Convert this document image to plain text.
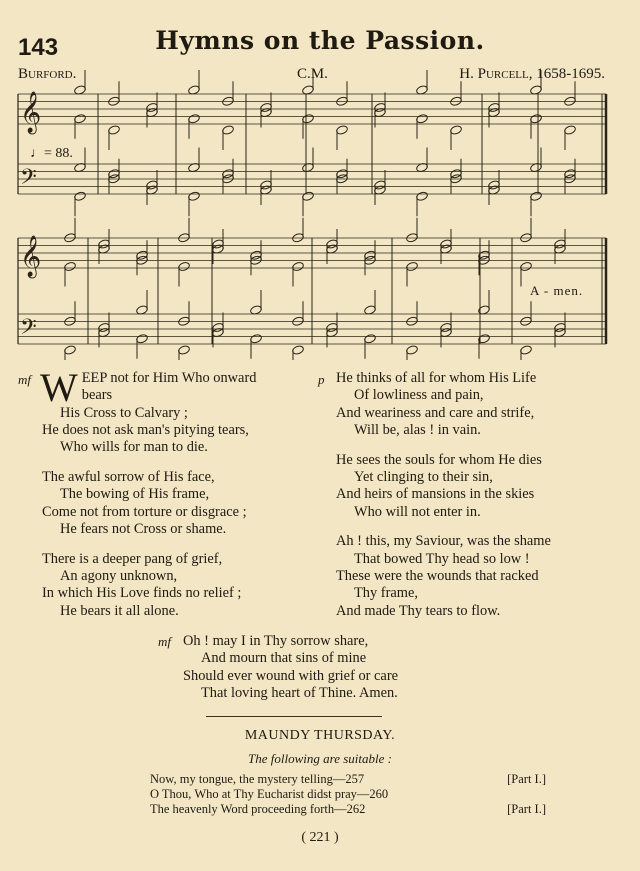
143	Hymns on the Passion.
Burford.	C.M.	H. Purcell, 1658-1695.
𝄞
𝄢
𝄞
𝄢
♩= 88.
A - men.

WEEP not for Him Who onward

bears

His Cross to Calvary ;

He does not ask man's pitying tears,

Who wills for man to die.

The awful sorrow of His face,

The bowing of His frame,

Come not from torture or disgrace ;

He fears not Cross or shame.

There is a deeper pang of grief,

An agony unknown,

In which His Love finds no relief ;

He bears it all alone.

He thinks of all for whom His Life

Of lowliness and pain,

And weariness and care and strife,

Will be, alas ! in vain.

He sees the souls for whom He dies

Yet clinging to their sin,

And heirs of mansions in the skies

Who will not enter in.

Ah ! this, my Saviour, was the shame

That bowed Thy head so low !

These were the wounds that racked

Thy frame,

And made Thy tears to flow.

mf	p
mf Oh ! may I in Thy sorrow share,

And mourn that sins of mine

Should ever wound with grief or care

That loving heart of Thine. Amen.

MAUNDY THURSDAY.
The following are suitable :
Now, my tongue, the mystery telling—257	[Part I.]
O Thou, Who at Thy Eucharist didst pray—260
The heavenly Word proceeding forth—262	[Part I.]
( 221 )
